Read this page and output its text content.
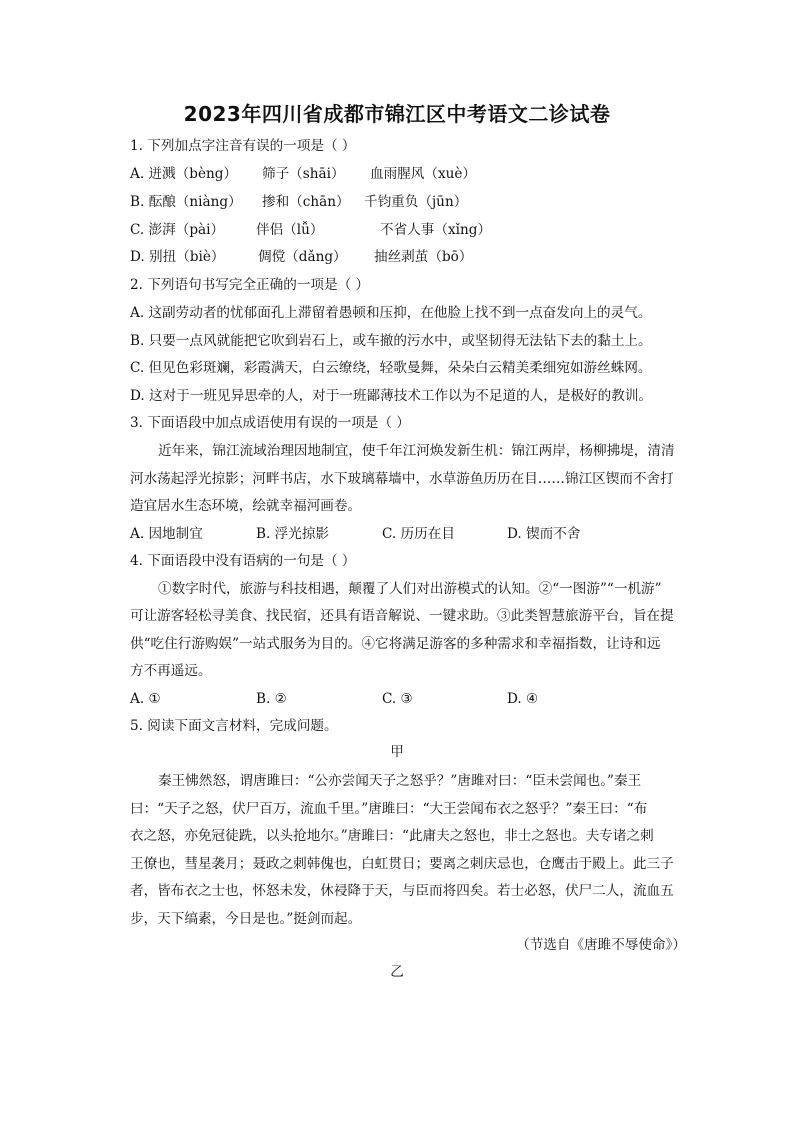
2023年四川省成都市锦江区中考语文二诊试卷
1. 下列加点字注音有误的一项是（ ）
A. 迸溅（bèng） 筛子（shāi） 血雨腥风（xuè）
B. 酝酿（niàng） 掺和（chān） 千钧重负（jūn）
C. 澎湃（pài） 伴侣（lǚ）	不省人事（xǐng）
D. 别扭（biè） 倜傥（dǎng） 抽丝剥茧（bō）
2. 下列语句书写完全正确的一项是（ ）
A. 这副劳动者的忧郁面孔上滞留着愚顿和压抑，在他脸上找不到一点奋发向上的灵气。
B. 只要一点风就能把它吹到岩石上，或车撤的污水中，或坚韧得无法钻下去的黏土上。
C. 但见色彩斑斓，彩霞满天，白云缭绕，轻歌曼舞，朵朵白云精美柔细宛如游丝蛛网。
D. 这对于一班见异思牵的人，对于一班鄙薄技术工作以为不足道的人，是极好的教训。
3. 下面语段中加点成语使用有误的一项是（ ）
近年来，锦江流域治理因地制宜，使千年江河焕发新生机：锦江两岸，杨柳拂堤，清清
河水荡起浮光掠影；河畔书店，水下玻璃幕墙中，水草游鱼历历在目……锦江区锲而不舍打
造宜居水生态环境，绘就幸福河画卷。
A. 因地制宜	B. 浮光掠影	C. 历历在目	D. 锲而不舍
4. 下面语段中没有语病的一句是（ ）
①数字时代，旅游与科技相遇，颠覆了人们对出游模式的认知。②“一图游”“一机游”
可让游客轻松寻美食、找民宿，还具有语音解说、一键求助。③此类智慧旅游平台，旨在提
供“吃住行游购娱”一站式服务为目的。④它将满足游客的多种需求和幸福指数，让诗和远
方不再遥远。
A. ①	B. ②	C. ③	D. ④
5. 阅读下面文言材料，完成问题。
甲
秦王怫然怒，谓唐雎曰：“公亦尝闻天子之怒乎？”唐雎对曰：“臣未尝闻也。”秦王
曰：“天子之怒，伏尸百万，流血千里。”唐雎曰：“大王尝闻布衣之怒乎？”秦王曰：“布
衣之怒，亦免冠徒跣，以头抢地尔。”唐雎曰：“此庸夫之怒也，非士之怒也。夫专诸之刺
王僚也，彗星袭月；聂政之刺韩傀也，白虹贯日；要离之刺庆忌也，仓鹰击于殿上。此三子
者，皆布衣之士也，怀怒未发，休祲降于天，与臣而将四矣。若士必怒，伏尸二人，流血五
步，天下缟素，今日是也。”挺剑而起。
（节选自《唐雎不辱使命》）
乙
